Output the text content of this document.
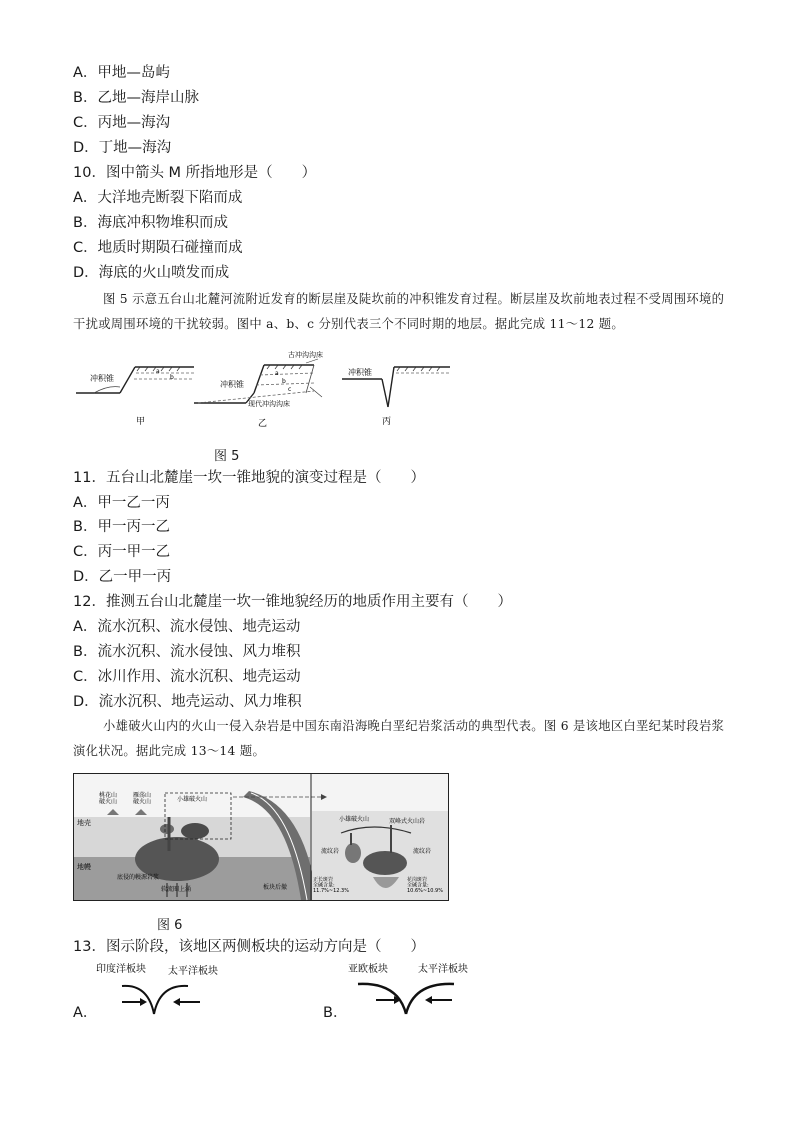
A．甲地—岛屿
B．乙地—海岸山脉
C．丙地—海沟
D．丁地—海沟
10．图中箭头 M 所指地形是（　　）
A．大洋地壳断裂下陷而成
B．海底冲积物堆积而成
C．地质时期陨石碰撞而成
D．海底的火山喷发而成
图 5 示意五台山北麓河流附近发育的断层崖及陡坎前的冲积锥发育过程。断层崖及坎前地表过程不受周围环境的干扰或周围环境的干扰较弱。图中 a、b、c 分别代表三个不同时期的地层。据此完成 11～12 题。
冲积锥
a
b
甲
冲积锥
古冲沟沟床
现代冲沟沟床
a
b
c
乙
冲积锥
丙
图 5
11．五台山北麓崖一坎一锥地貌的演变过程是（　　）
A．甲一乙一丙
B．甲一丙一乙
C．丙一甲一乙
D．乙一甲一丙
12．推测五台山北麓崖一坎一锥地貌经历的地质作用主要有（　　）
A．流水沉积、流水侵蚀、地壳运动
B．流水沉积、流水侵蚀、风力堆积
C．冰川作用、流水沉积、地壳运动
D．流水沉积、地壳运动、风力堆积
小雄破火山内的火山一侵入杂岩是中国东南沿海晚白垩纪岩浆活动的典型代表。图 6 是该地区白垩纪某时段岩浆演化状况。据此完成 13～14 题。
桃花山破火山
雁荡山破火山	小雄破火山
地壳
地幔
底侵的幔源岩浆
软流圈上涌	板块后撤
小雄破火山	双峰式火山岩
流纹岩	流纹岩
正长斑岩全碱含量: 11.7%~12.3%
花岗斑岩全碱含量: 10.6%~10.9%
图 6
13．图示阶段，该地区两侧板块的运动方向是（　　）
A．
印度洋板块 太平洋板块
B．
亚欧板块	太平洋板块
